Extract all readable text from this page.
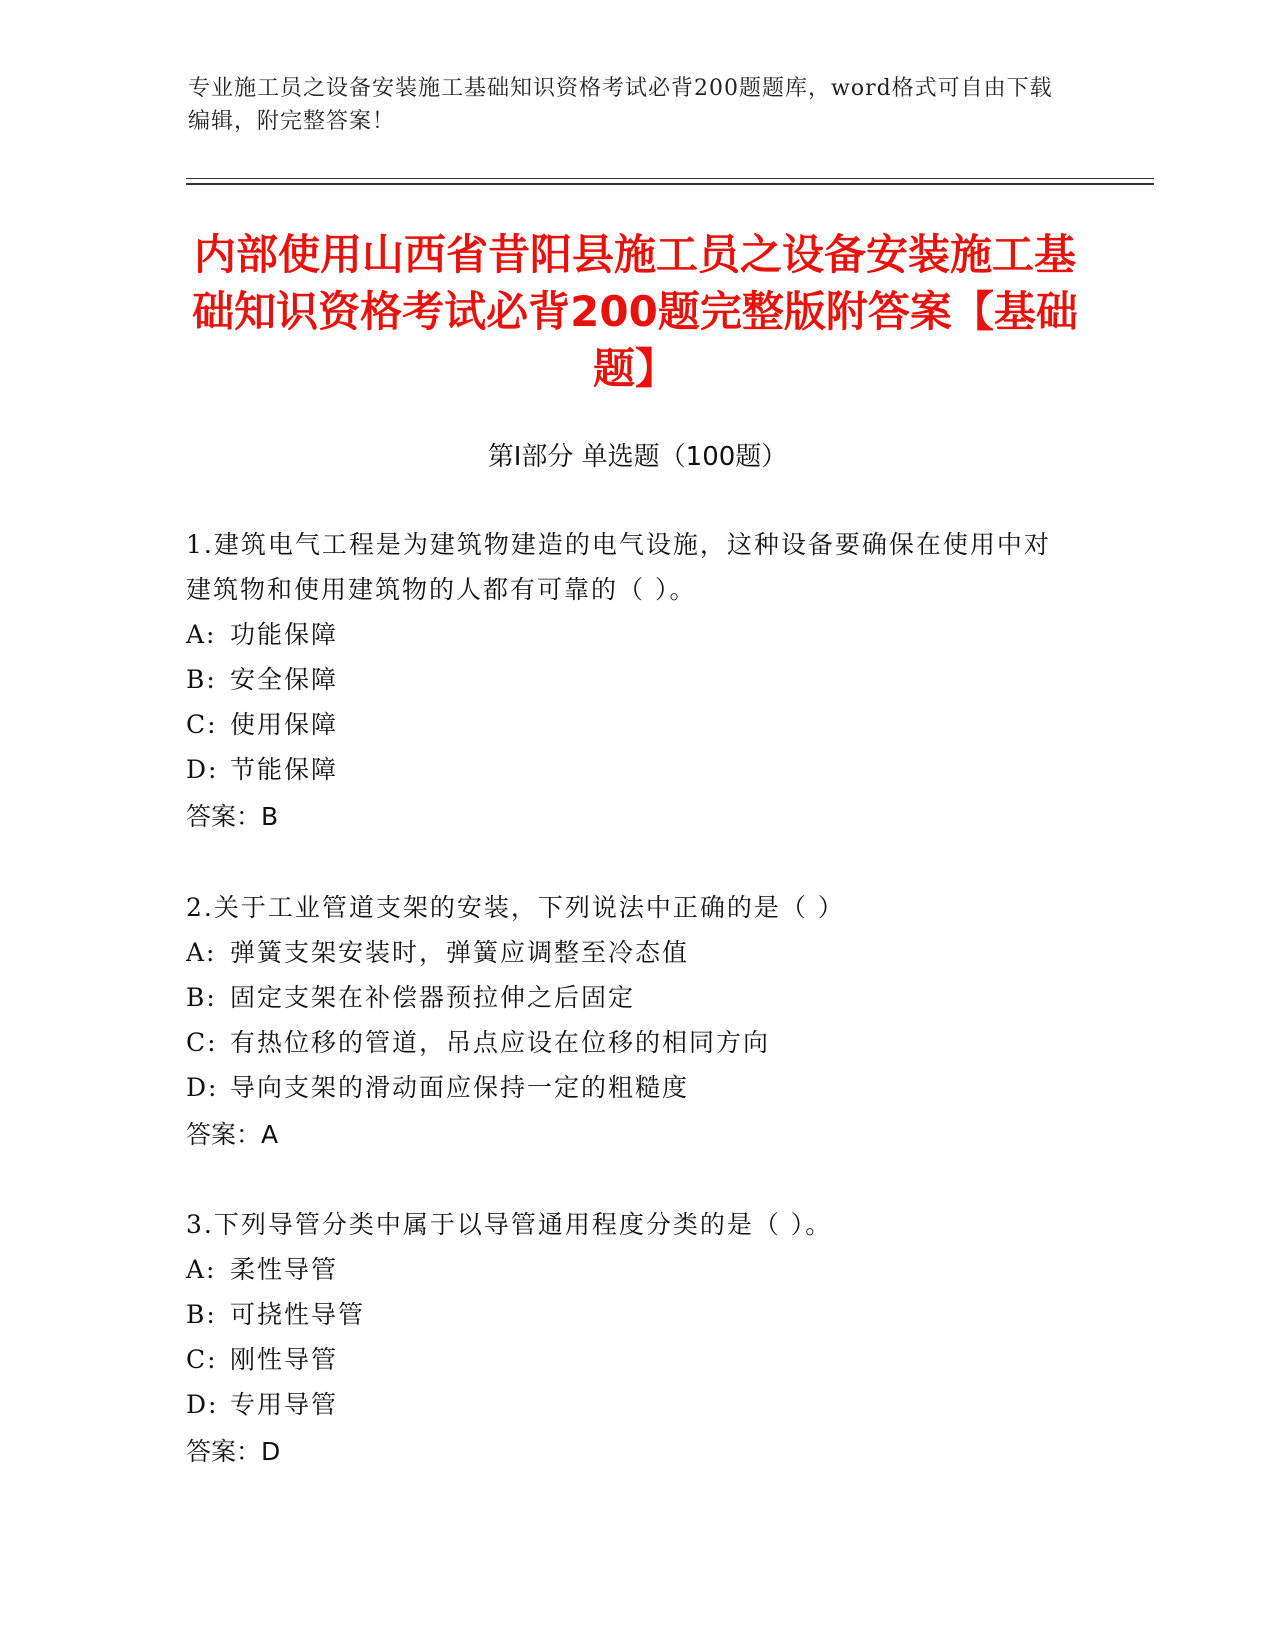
专业施工员之设备安装施工基础知识资格考试必背200题题库，word格式可自由下载编辑，附完整答案！
内部使用山西省昔阳县施工员之设备安装施工基础知识资格考试必背200题完整版附答案【基础题】
第Ⅰ部分 单选题（100题）

1.建筑电气工程是为建筑物建造的电气设施，这种设备要确保在使用中对建筑物和使用建筑物的人都有可靠的（ ）。

A: 功能保障
B: 安全保障
C: 使用保障
D: 节能保障
答案：B

2.关于工业管道支架的安装，下列说法中正确的是（ ）

A: 弹簧支架安装时，弹簧应调整至冷态值
B: 固定支架在补偿器预拉伸之后固定
C: 有热位移的管道，吊点应设在位移的相同方向
D: 导向支架的滑动面应保持一定的粗糙度
答案：A

3.下列导管分类中属于以导管通用程度分类的是（ ）。

A: 柔性导管
B: 可挠性导管
C: 刚性导管
D: 专用导管
答案：D
